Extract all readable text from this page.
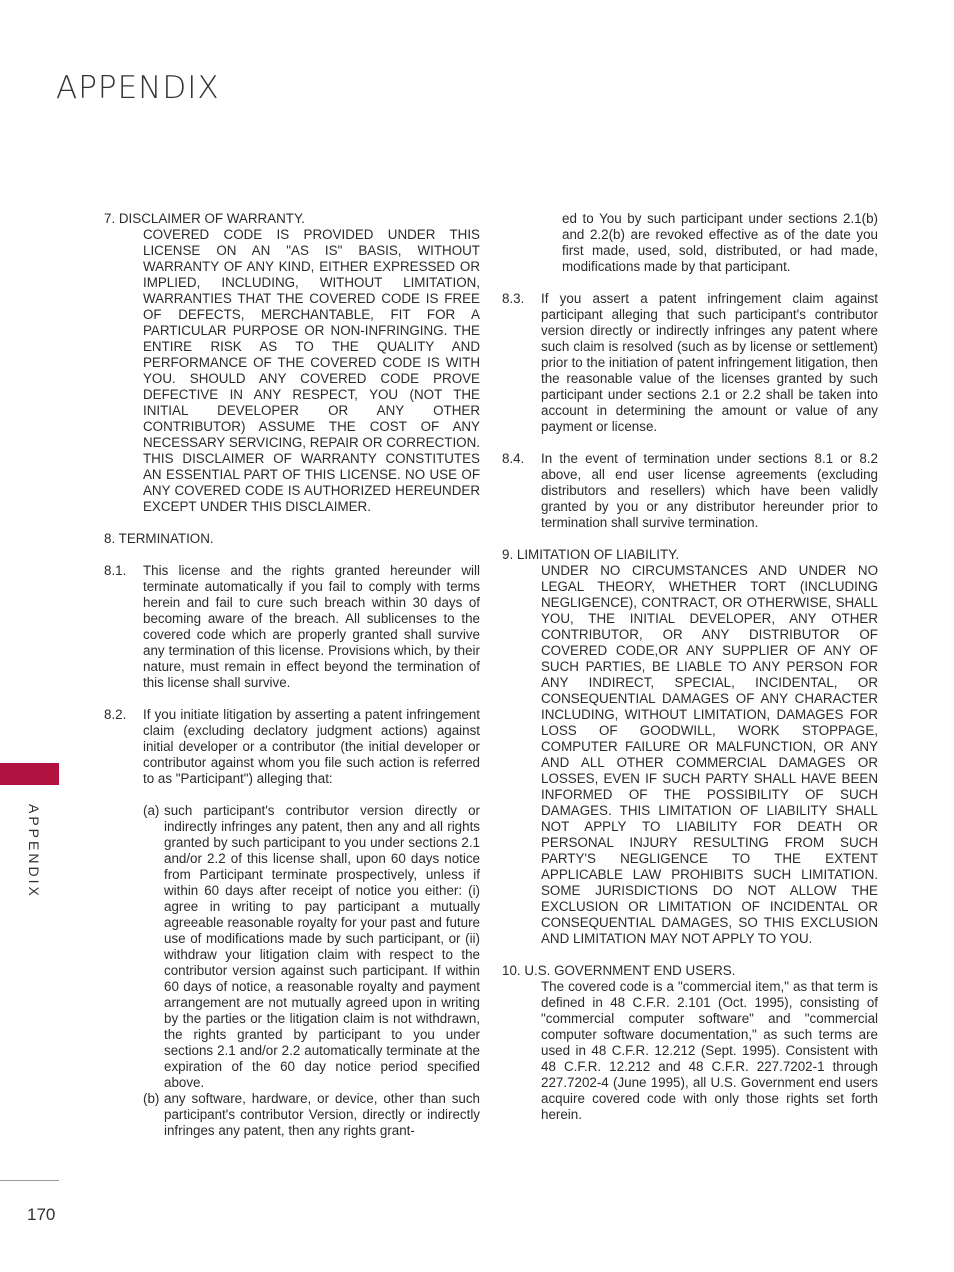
APPENDIX
APPENDIX

7. DISCLAIMER OF WARRANTY.

COVERED CODE IS PROVIDED UNDER THIS LICENSE ON AN "AS IS" BASIS, WITHOUT WARRANTY OF ANY KIND, EITHER EXPRESSED OR IMPLIED, INCLUDING, WITHOUT LIMITATION, WARRANTIES THAT THE COVERED CODE IS FREE OF DEFECTS, MERCHANTABLE, FIT FOR A PARTICULAR PURPOSE OR NON-INFRINGING. THE ENTIRE RISK AS TO THE QUALITY AND PERFORMANCE OF THE COVERED CODE IS WITH YOU. SHOULD ANY COVERED CODE PROVE DEFECTIVE IN ANY RESPECT, YOU (NOT THE INITIAL DEVELOPER OR ANY OTHER CONTRIBUTOR) ASSUME THE COST OF ANY NECESSARY SERVICING, REPAIR OR CORRECTION. THIS DISCLAIMER OF WARRANTY CONSTITUTES AN ESSENTIAL PART OF THIS LICENSE. NO USE OF ANY COVERED CODE IS AUTHORIZED HEREUNDER EXCEPT UNDER THIS DISCLAIMER.

8. TERMINATION.

8.1.	This license and the rights granted hereunder will terminate automatically if you fail to comply with terms herein and fail to cure such breach within 30 days of becoming aware of the breach. All sublicenses to the covered code which are properly granted shall survive any termination of this license. Provisions which, by their nature, must remain in effect beyond the termination of this license shall survive.
8.2.	If you initiate litigation by asserting a patent infringement claim (excluding declatory judgment actions) against initial developer or a contributor (the initial developer or contributor against whom you file such action is referred to as "Participant") alleging that:
(a) such participant's contributor version directly or indirectly infringes any patent, then any and all rights granted by such participant to you under sections 2.1 and/or 2.2 of this license shall, upon 60 days notice from Participant terminate prospectively, unless if within 60 days after receipt of notice you either: (i) agree in writing to pay participant a mutually agreeable reasonable royalty for your past and future use of modifications made by such participant, or (ii) withdraw your litigation claim with respect to the contributor version against such participant. If within 60 days of notice, a reasonable royalty and payment arrangement are not mutually agreed upon in writing by the parties or the litigation claim is not withdrawn, the rights granted by participant to you under sections 2.1 and/or 2.2 automatically terminate at the expiration of the 60 day notice period specified above.
(b) any software, hardware, or device, other than such participant's contributor Version, directly or indirectly infringes any patent, then any rights grant-

ed to You by such participant under sections 2.1(b) and 2.2(b) are revoked effective as of the date you first made, used, sold, distributed, or had made, modifications made by that participant.

8.3.	If you assert a patent infringement claim against participant alleging that such participant's contributor version directly or indirectly infringes any patent where such claim is resolved (such as by license or settlement) prior to the initiation of patent infringement litigation, then the reasonable value of the licenses granted by such participant under sections 2.1 or 2.2 shall be taken into account in determining the amount or value of any payment or license.
8.4.	In the event of termination under sections 8.1 or 8.2 above, all end user license agreements (excluding distributors and resellers) which have been validly granted by you or any distributor hereunder prior to termination shall survive termination.

9. LIMITATION OF LIABILITY.

UNDER NO CIRCUMSTANCES AND UNDER NO LEGAL THEORY, WHETHER TORT (INCLUDING NEGLIGENCE), CONTRACT, OR OTHERWISE, SHALL YOU, THE INITIAL DEVELOPER, ANY OTHER CONTRIBUTOR, OR ANY DISTRIBUTOR OF COVERED CODE,OR ANY SUPPLIER OF ANY OF SUCH PARTIES, BE LIABLE TO ANY PERSON FOR ANY INDIRECT, SPECIAL, INCIDENTAL, OR CONSEQUENTIAL DAMAGES OF ANY CHARACTER INCLUDING, WITHOUT LIMITATION, DAMAGES FOR LOSS OF GOODWILL, WORK STOPPAGE, COMPUTER FAILURE OR MALFUNCTION, OR ANY AND ALL OTHER COMMERCIAL DAMAGES OR LOSSES, EVEN IF SUCH PARTY SHALL HAVE BEEN INFORMED OF THE POSSIBILITY OF SUCH DAMAGES. THIS LIMITATION OF LIABILITY SHALL NOT APPLY TO LIABILITY FOR DEATH OR PERSONAL INJURY RESULTING FROM SUCH PARTY'S NEGLIGENCE TO THE EXTENT APPLICABLE LAW PROHIBITS SUCH LIMITATION. SOME JURISDICTIONS DO NOT ALLOW THE EXCLUSION OR LIMITATION OF INCIDENTAL OR CONSEQUENTIAL DAMAGES, SO THIS EXCLUSION AND LIMITATION MAY NOT APPLY TO YOU.

10. U.S. GOVERNMENT END USERS.

The covered code is a "commercial item," as that term is defined in 48 C.F.R. 2.101 (Oct. 1995), consisting of "commercial computer software" and "commercial computer software documentation," as such terms are used in 48 C.F.R. 12.212 (Sept. 1995). Consistent with 48 C.F.R. 12.212 and 48 C.F.R. 227.7202-1 through 227.7202-4 (June 1995), all U.S. Government end users acquire covered code with only those rights set forth herein.

170
